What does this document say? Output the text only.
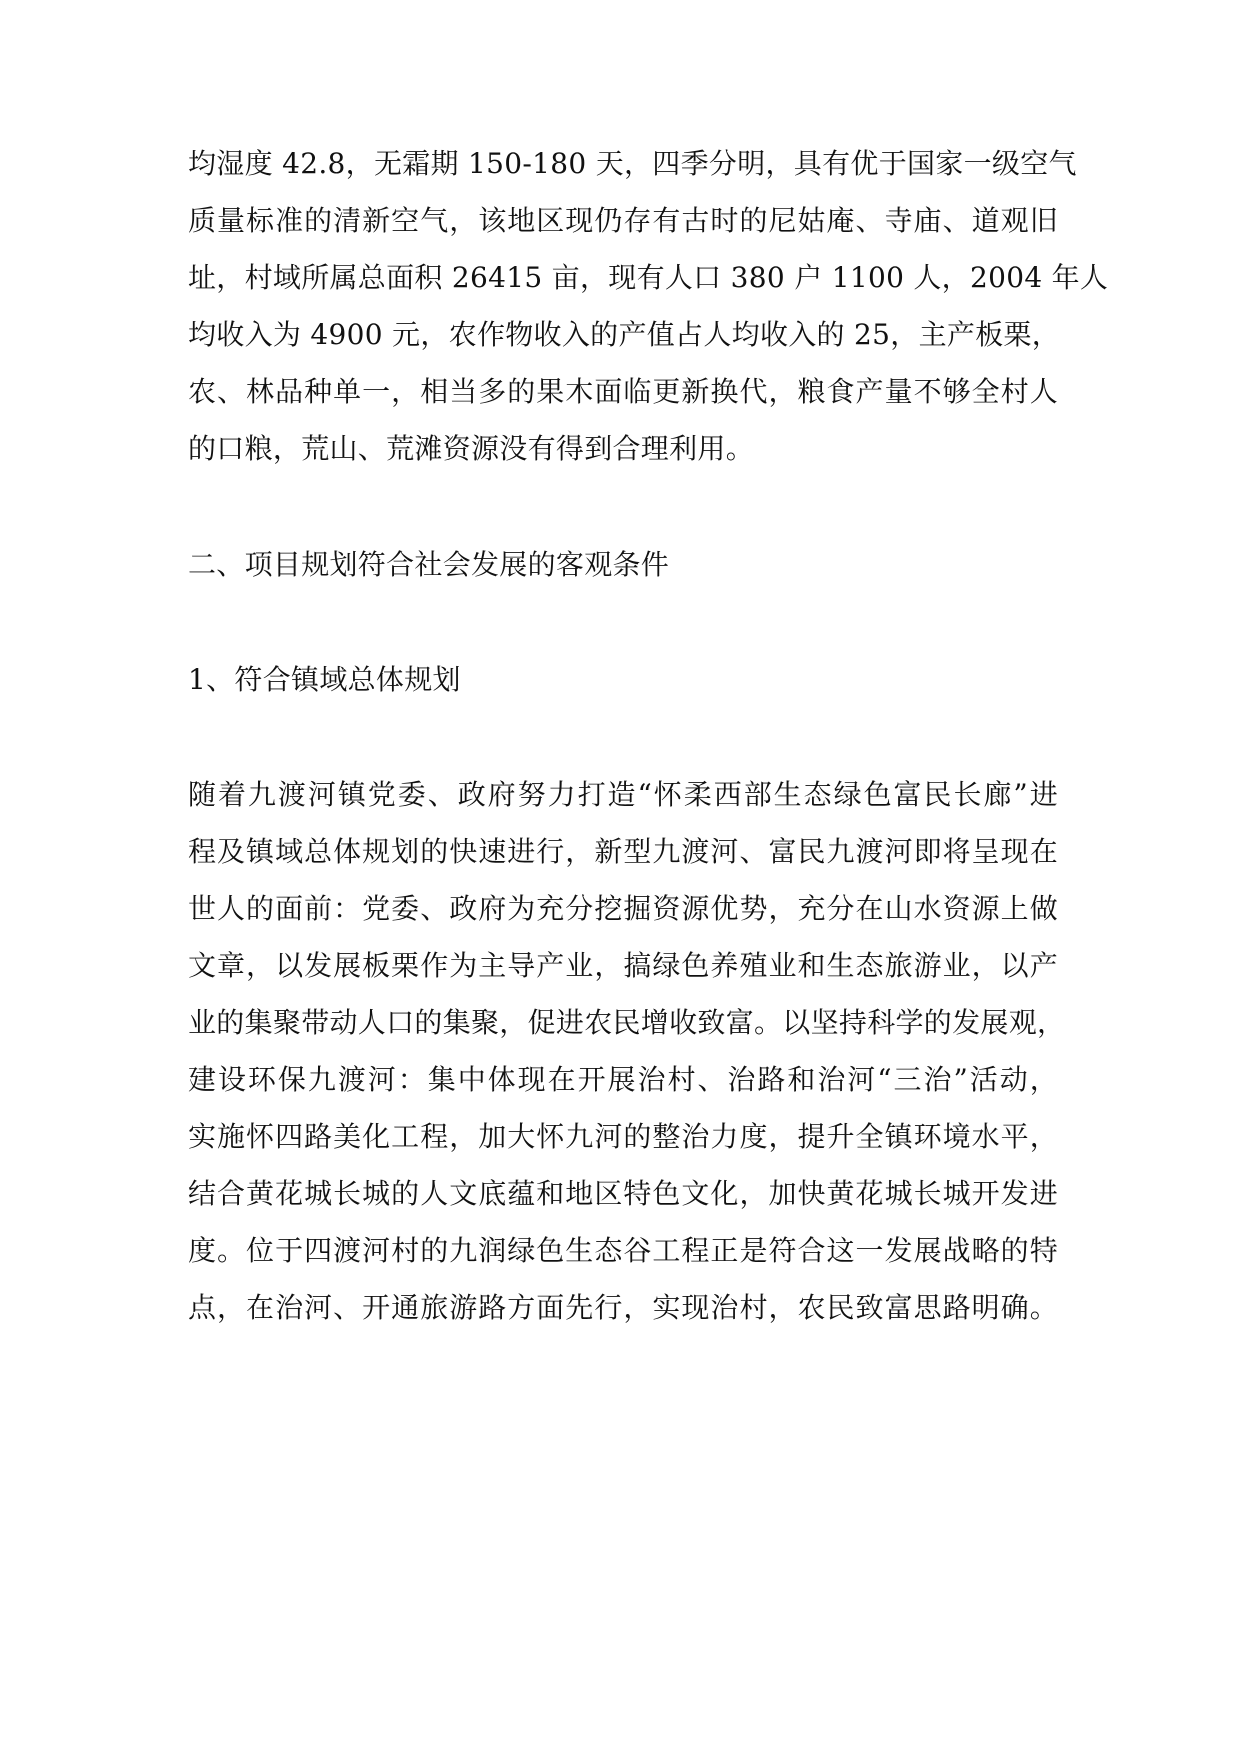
均湿度 42.8，无霜期 150-180 天，四季分明，具有优于国家一级空气
质量标准的清新空气，该地区现仍存有古时的尼姑庵、寺庙、道观旧
址，村域所属总面积 26415 亩，现有人口 380 户 1100 人，2004 年人
均收入为 4900 元，农作物收入的产值占人均收入的 25，主产板栗，
农、林品种单一，相当多的果木面临更新换代，粮食产量不够全村人
的口粮，荒山、荒滩资源没有得到合理利用。
二、项目规划符合社会发展的客观条件
1、符合镇域总体规划
随着九渡河镇党委、政府努力打造“怀柔西部生态绿色富民长廊”进
程及镇域总体规划的快速进行，新型九渡河、富民九渡河即将呈现在
世人的面前：党委、政府为充分挖掘资源优势，充分在山水资源上做
文章，以发展板栗作为主导产业，搞绿色养殖业和生态旅游业，以产
业的集聚带动人口的集聚，促进农民增收致富。以坚持科学的发展观，
建设环保九渡河：集中体现在开展治村、治路和治河“三治”活动，
实施怀四路美化工程，加大怀九河的整治力度，提升全镇环境水平，
结合黄花城长城的人文底蕴和地区特色文化，加快黄花城长城开发进
度。位于四渡河村的九润绿色生态谷工程正是符合这一发展战略的特
点，在治河、开通旅游路方面先行，实现治村，农民致富思路明确。
